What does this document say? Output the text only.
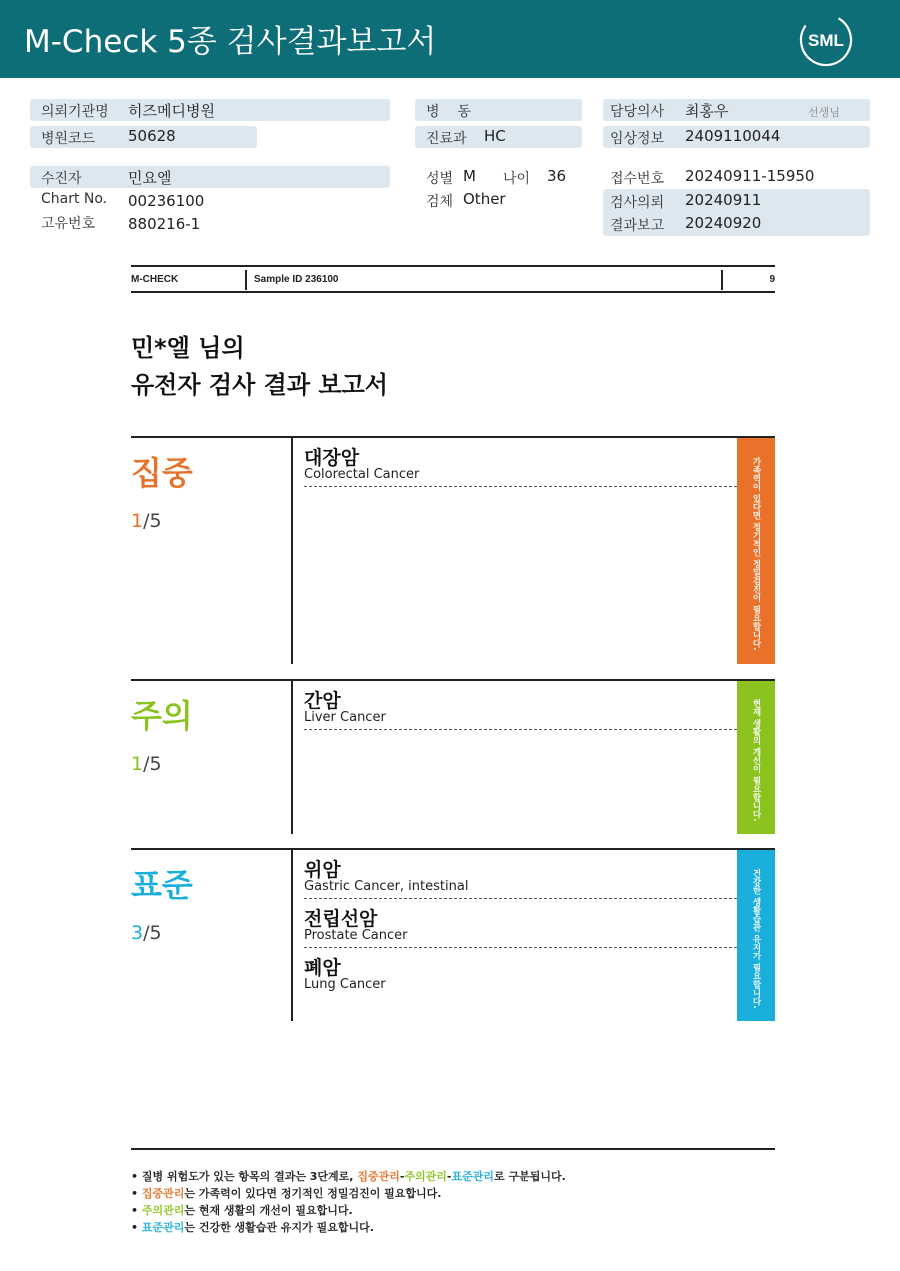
M-Check 5종 검사결과보고서	SML
의뢰기관명 히즈메디병원
병원코드 50628
수진자	민요엘
Chart No. 00236100
고유번호 880216-1
병    동
진료과 HC
성별 M 나이 36
검체 Other
담당의사 최홍우	선생님
임상정보 2409110044
접수번호 20240911-15950
검사의뢰 20240911
결과보고 20240920
M-CHECK	Sample ID 236100	9
민*엘 님의
유전자 검사 결과 보고서
집중
1/5
대장암
Colorectal Cancer	가족력이 있다면 정기적인 정밀검진이 필요합니다.
주의
1/5
간암
Liver Cancer	현재 생활의 개선이 필요합니다.
표준
3/5
위암
Gastric Cancer, intestinal
전립선암
Prostate Cancer
폐암
Lung Cancer	건강한 생활습관 유지가 필요합니다.
• 질병 위험도가 있는 항목의 결과는 3단계로, 집중관리-주의관리-표준관리로 구분됩니다.
• 집중관리는 가족력이 있다면 정기적인 정밀검진이 필요합니다.
• 주의관리는 현재 생활의 개선이 필요합니다.
• 표준관리는 건강한 생활습관 유지가 필요합니다.
